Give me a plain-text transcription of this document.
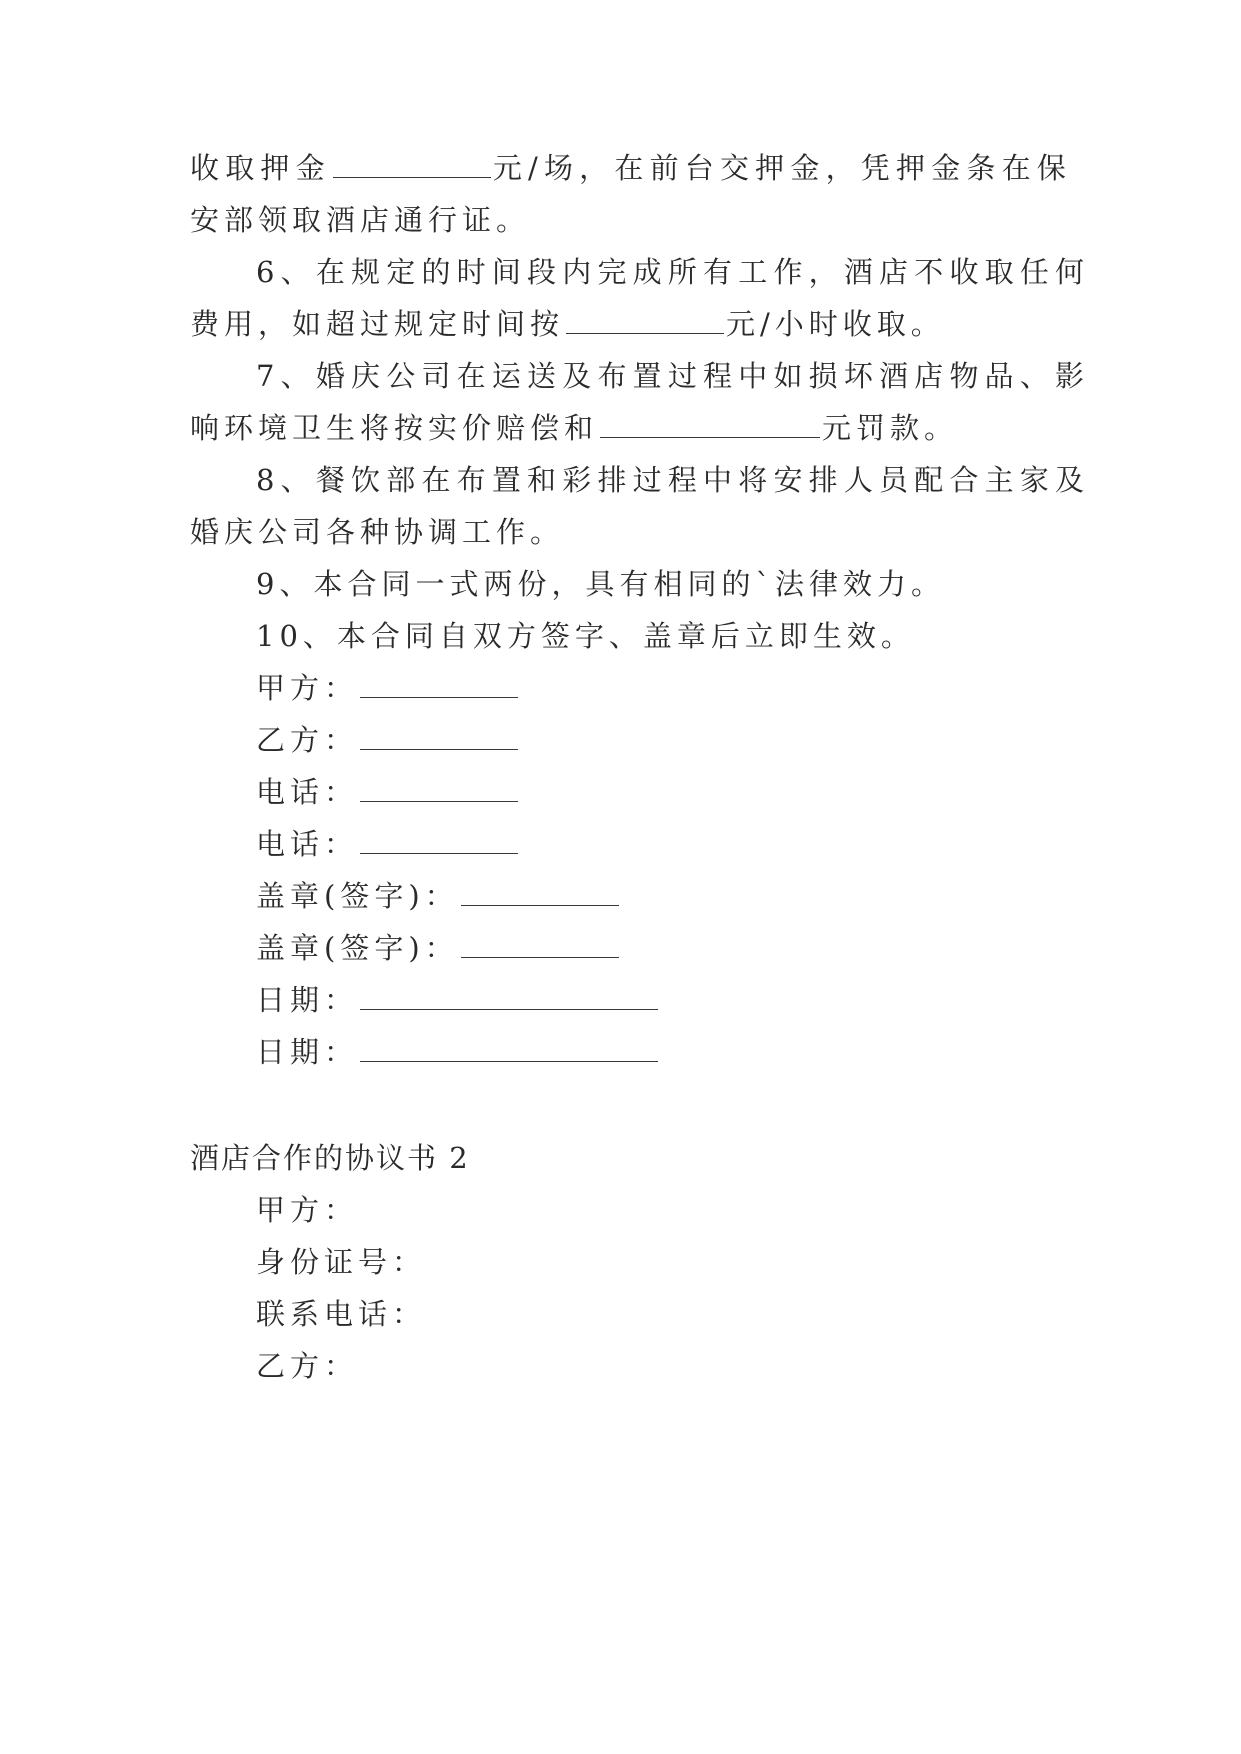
收取押金	元/场，在前台交押金，凭押金条在保
安部领取酒店通行证。
6、在规定的时间段内完成所有工作，酒店不收取任何
费用，如超过规定时间按	元/小时收取。
7、婚庆公司在运送及布置过程中如损坏酒店物品、影
响环境卫生将按实价赔偿和	元罚款。
8、餐饮部在布置和彩排过程中将安排人员配合主家及
婚庆公司各种协调工作。
9、本合同一式两份，具有相同的`法律效力。
10、本合同自双方签字、盖章后立即生效。
甲方：
乙方：
电话：
电话：
盖章(签字)：
盖章(签字)：
日期：
日期：
酒店合作的协议书 2
甲方：
身份证号：
联系电话：
乙方：
